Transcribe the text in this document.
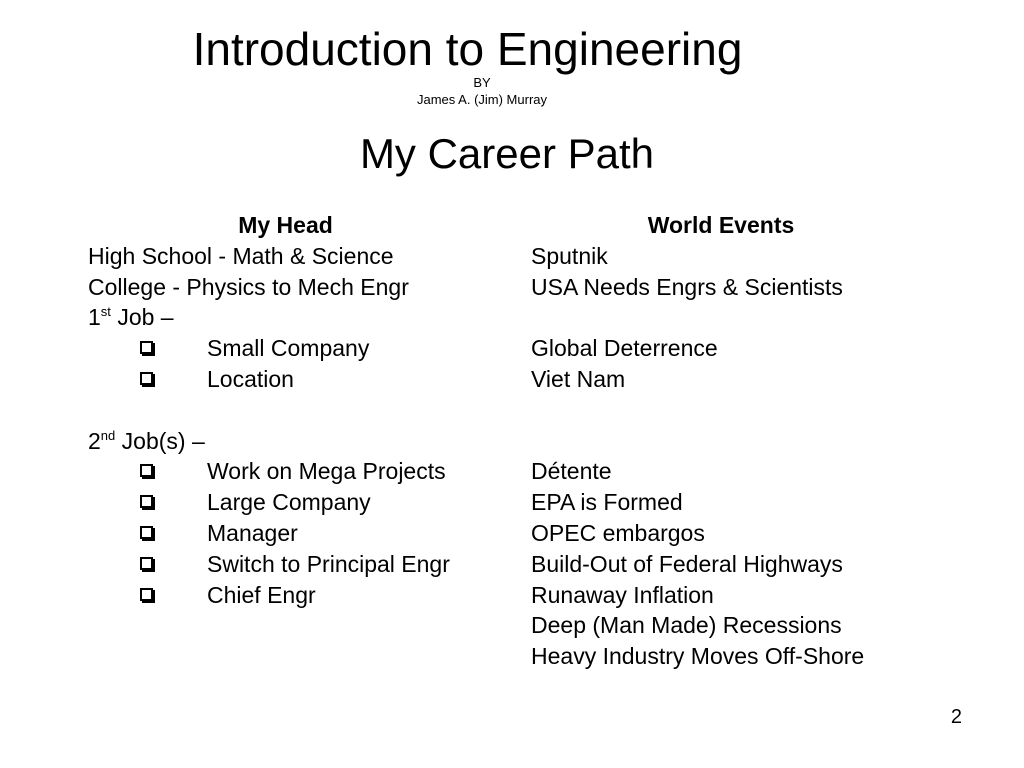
Introduction to Engineering
BY
James A. (Jim) Murray
My Career Path
My Head
High School - Math & Science
College - Physics to Mech Engr
1st Job –
Small Company
Location
2nd Job(s) –
Work on Mega Projects
Large Company
Manager
Switch to Principal Engr
Chief Engr
World Events
Sputnik
USA Needs Engrs & Scientists
Global Deterrence
Viet Nam
Détente
EPA is Formed
OPEC embargos
Build-Out of Federal Highways
Runaway Inflation
Deep (Man Made) Recessions
Heavy Industry Moves Off-Shore
2
